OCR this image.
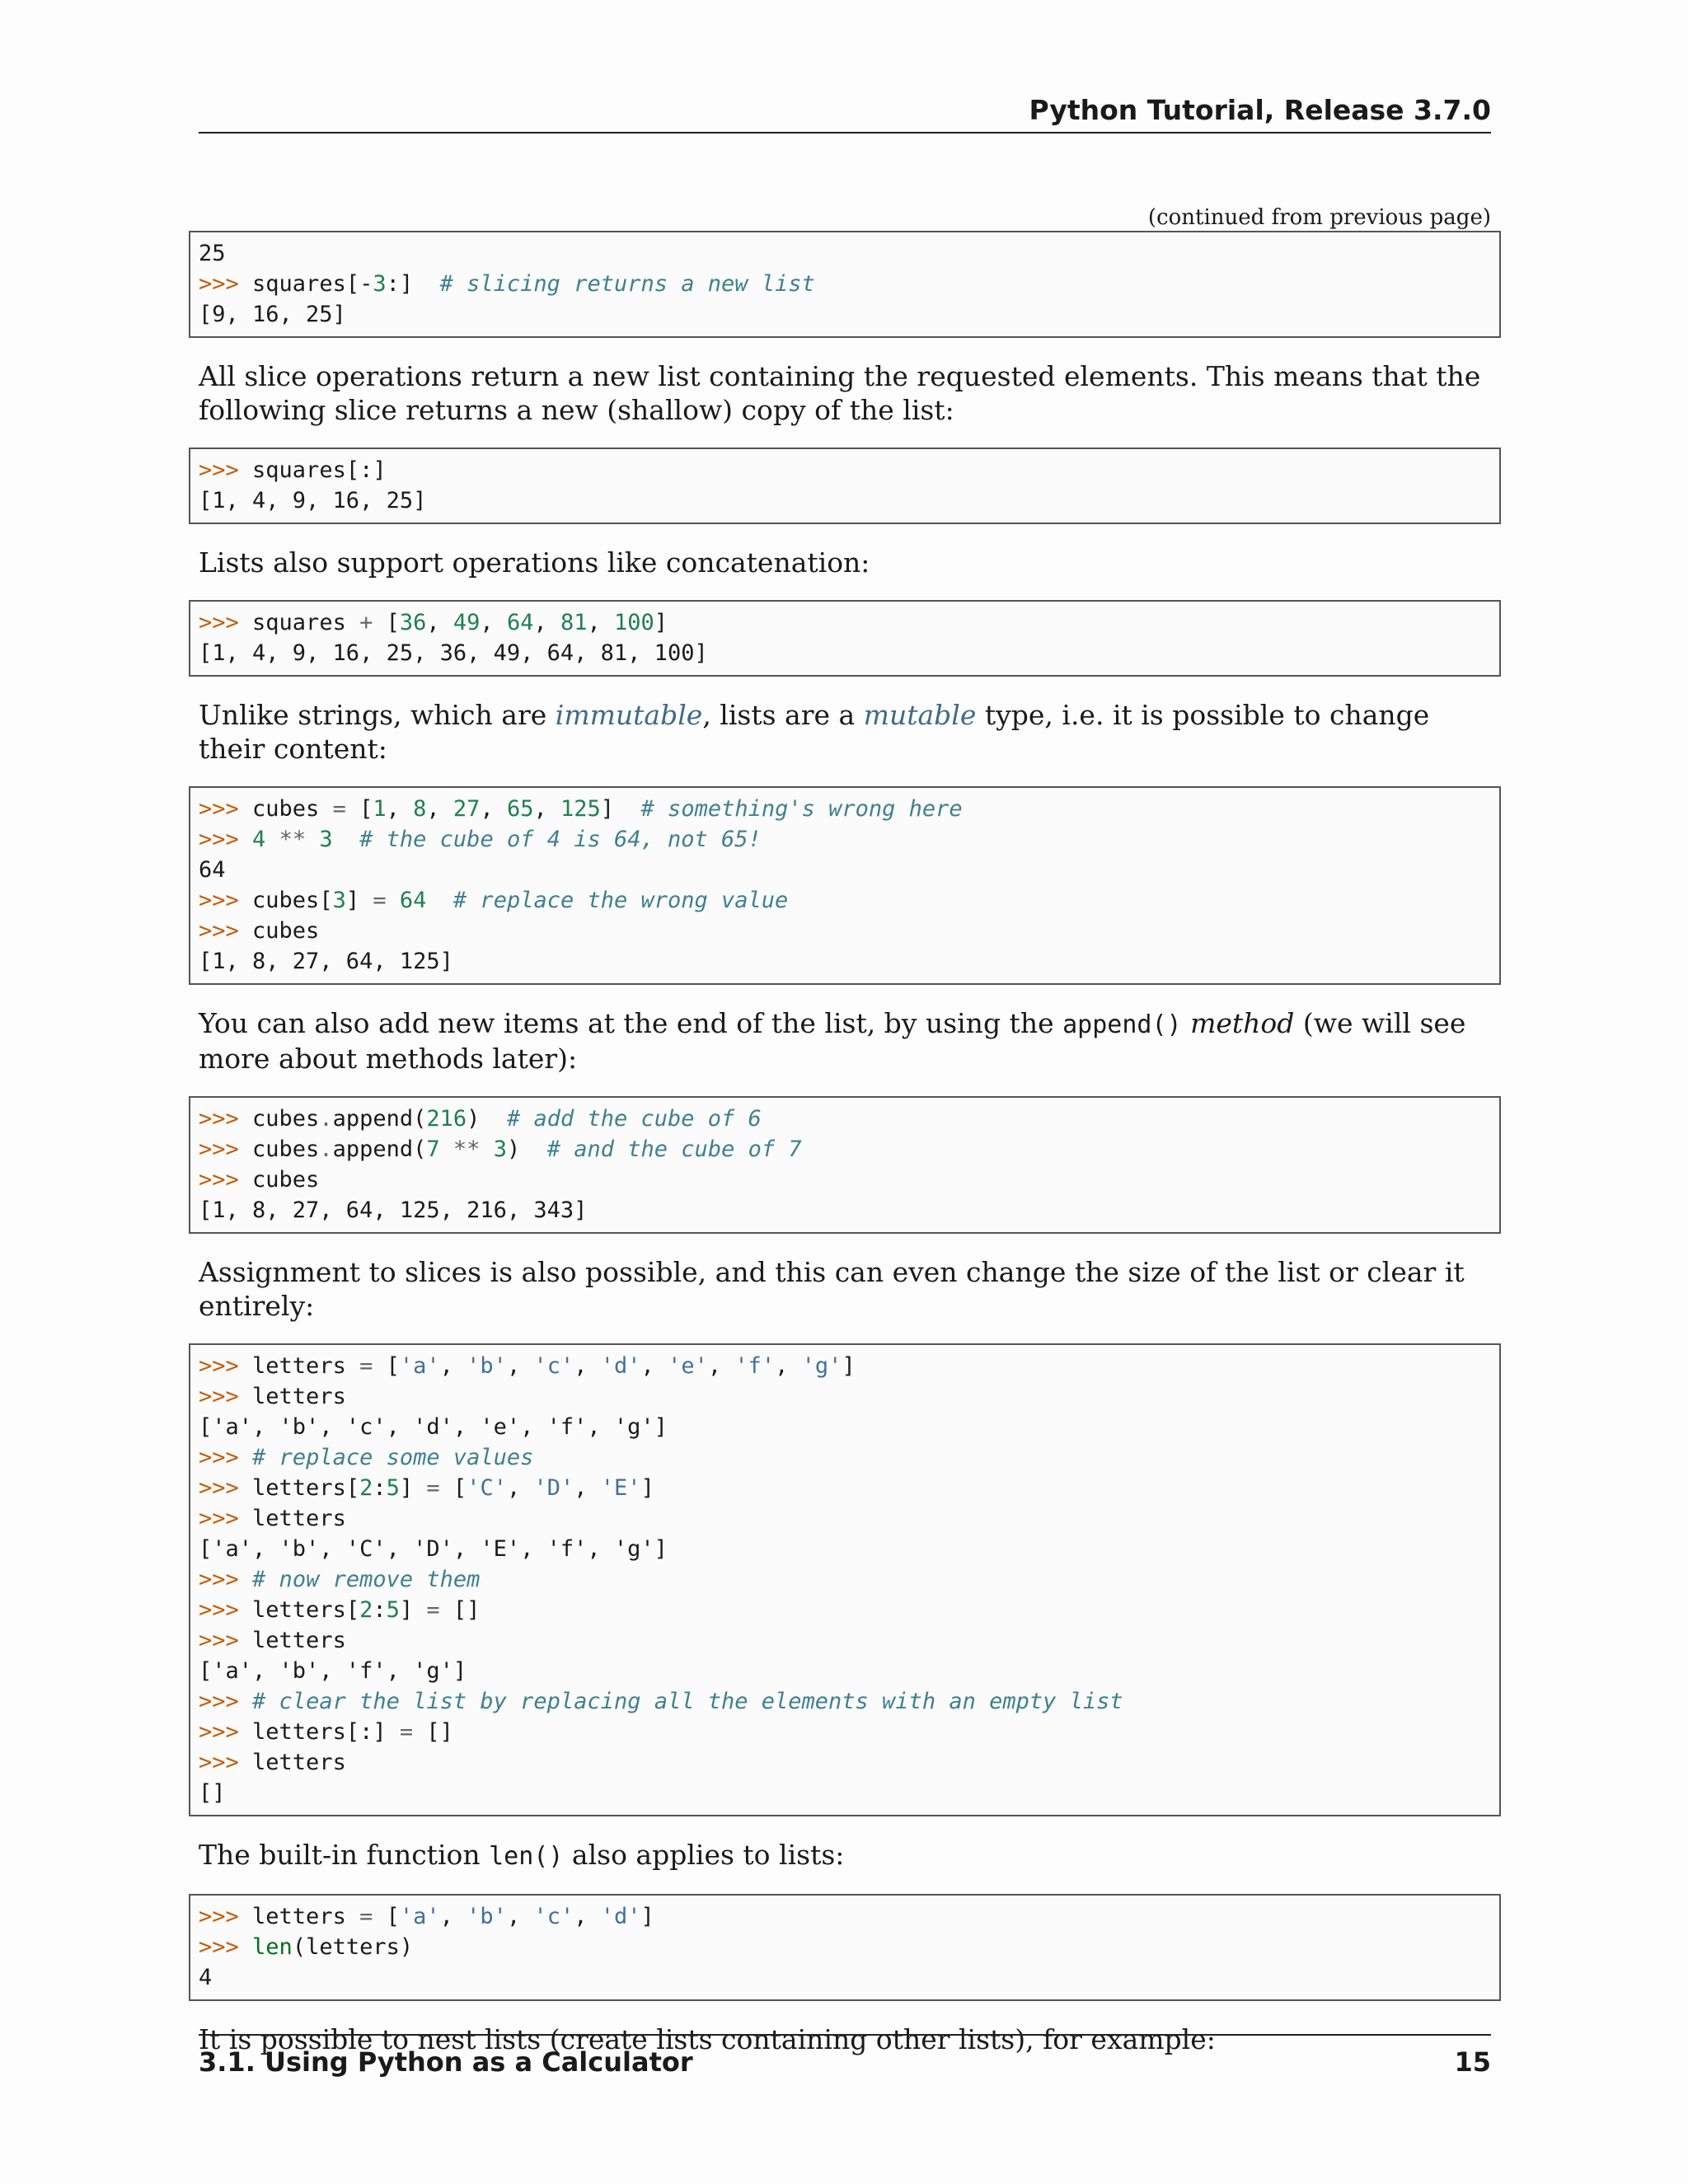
Python Tutorial, Release 3.7.0
(continued from previous page)
25
>>> squares[-3:]  # slicing returns a new list
[9, 16, 25]

All slice operations return a new list containing the requested elements. This means that the following slice returns a new (shallow) copy of the list:

>>> squares[:]
[1, 4, 9, 16, 25]

Lists also support operations like concatenation:

>>> squares + [36, 49, 64, 81, 100]
[1, 4, 9, 16, 25, 36, 49, 64, 81, 100]

Unlike strings, which are immutable, lists are a mutable type, i.e. it is possible to change their content:

>>> cubes = [1, 8, 27, 65, 125]  # something's wrong here
>>> 4 ** 3 # the cube of 4 is 64, not 65!
64
>>> cubes[3] = 64 # replace the wrong value
>>> cubes
[1, 8, 27, 64, 125]

You can also add new items at the end of the list, by using the append() method (we will see more about methods later):

>>> cubes.append(216)  # add the cube of 6
>>> cubes.append(7 ** 3)  # and the cube of 7
>>> cubes
[1, 8, 27, 64, 125, 216, 343]

Assignment to slices is also possible, and this can even change the size of the list or clear it entirely:

>>> letters = ['a', 'b', 'c', 'd', 'e', 'f', 'g']
>>> letters
['a', 'b', 'c', 'd', 'e', 'f', 'g']
>>> # replace some values
>>> letters[2:5] = ['C', 'D', 'E']
>>> letters
['a', 'b', 'C', 'D', 'E', 'f', 'g']
>>> # now remove them
>>> letters[2:5] = []
>>> letters
['a', 'b', 'f', 'g']
>>> # clear the list by replacing all the elements with an empty list
>>> letters[:] = []
>>> letters
[]

The built-in function len() also applies to lists:

>>> letters = ['a', 'b', 'c', 'd']
>>> len(letters)
4

It is possible to nest lists (create lists containing other lists), for example:

3.1. Using Python as a Calculator	15
